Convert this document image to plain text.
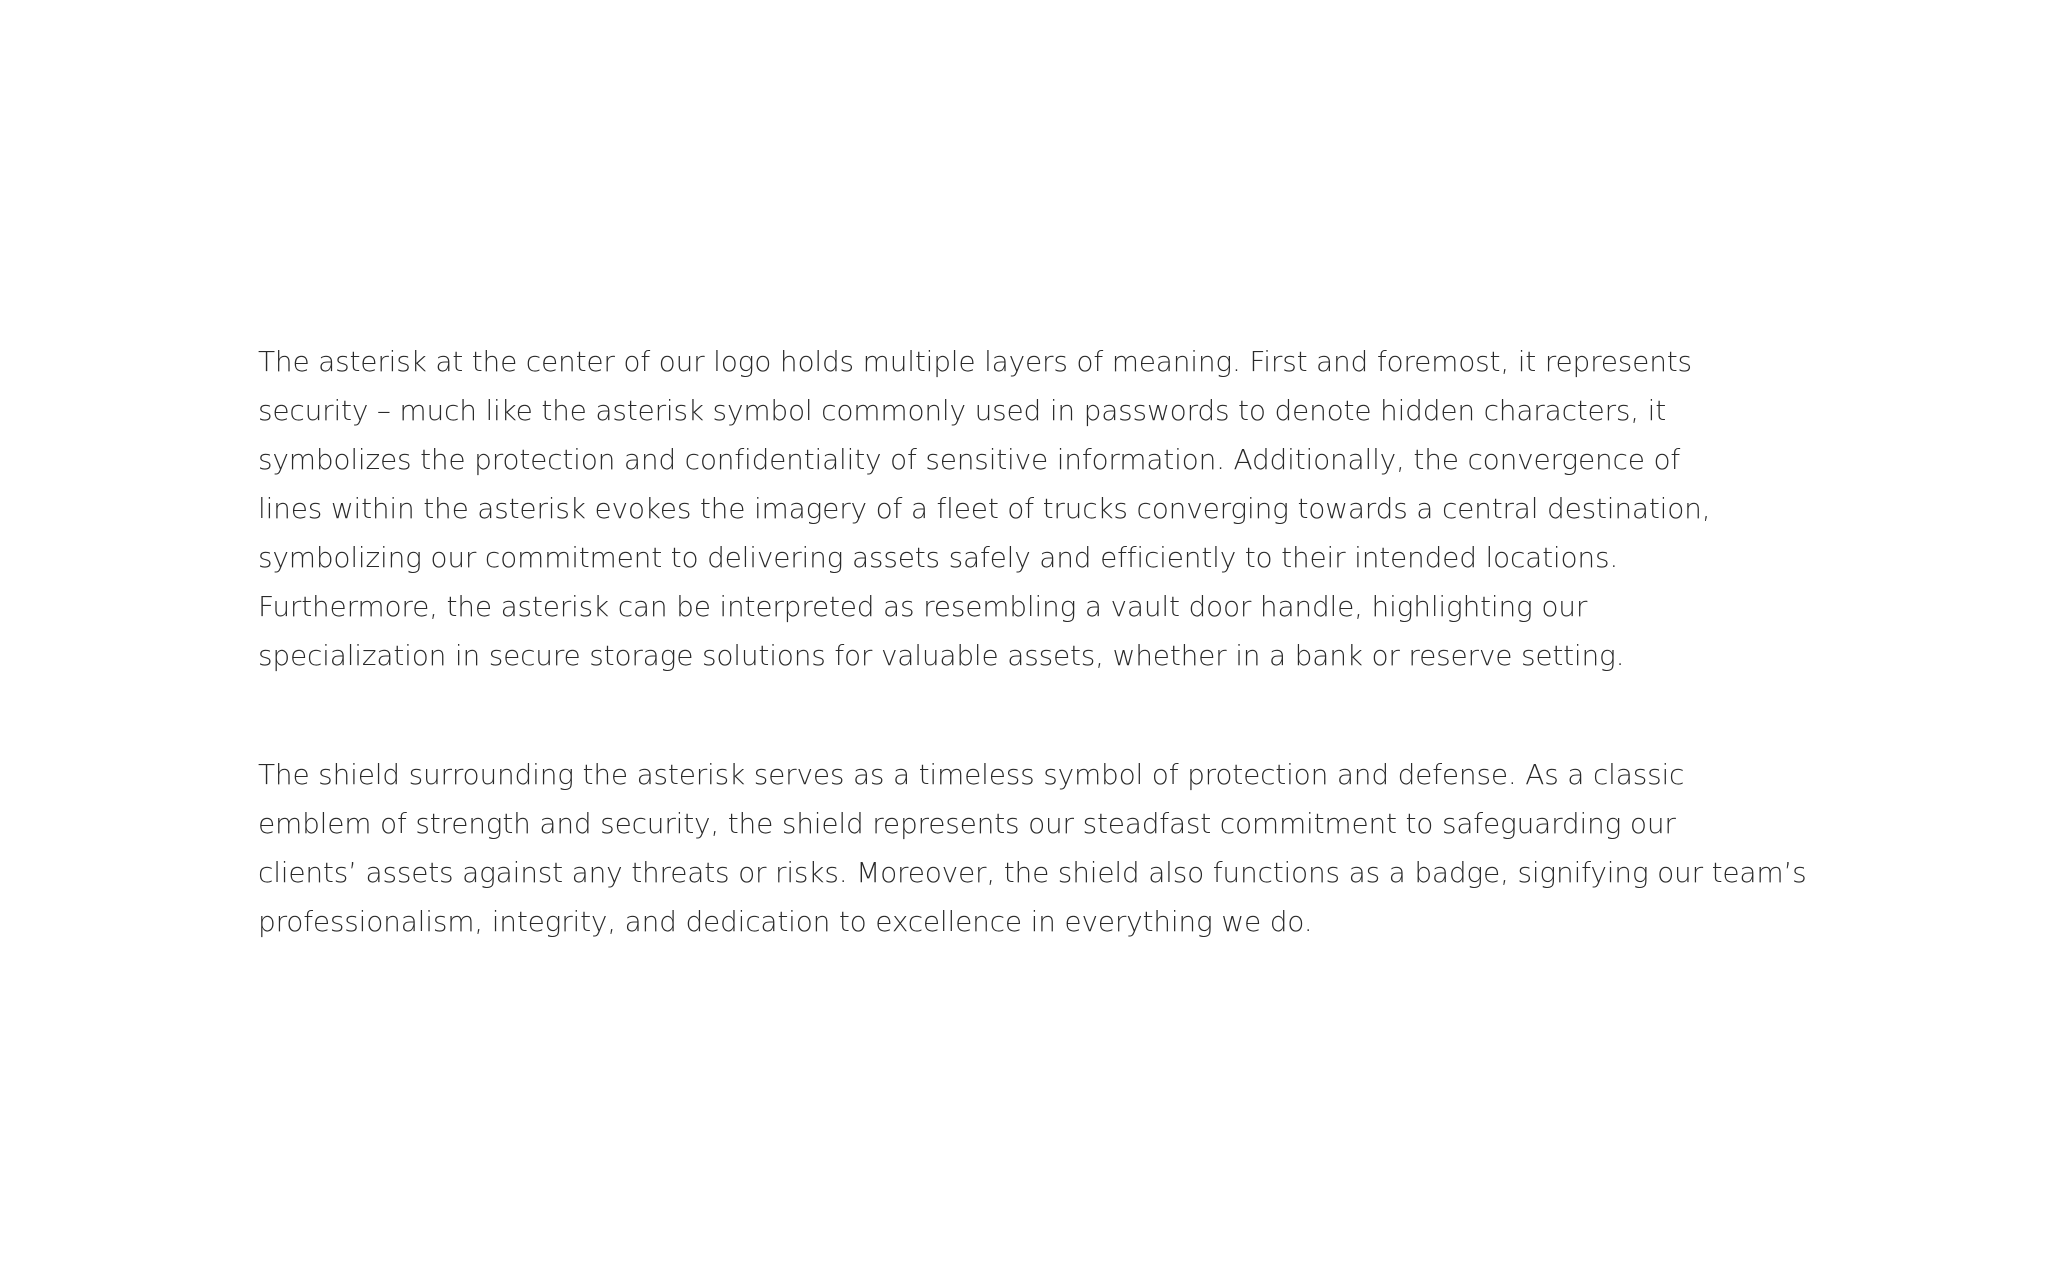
The asterisk at the center of our logo holds multiple layers of meaning. First and foremost, it represents
security – much like the asterisk symbol commonly used in passwords to denote hidden characters, it
symbolizes the protection and confidentiality of sensitive information. Additionally, the convergence of
lines within the asterisk evokes the imagery of a fleet of trucks converging towards a central destination,
symbolizing our commitment to delivering assets safely and efficiently to their intended locations.
Furthermore, the asterisk can be interpreted as resembling a vault door handle, highlighting our
specialization in secure storage solutions for valuable assets, whether in a bank or reserve setting.

The shield surrounding the asterisk serves as a timeless symbol of protection and defense. As a classic
emblem of strength and security, the shield represents our steadfast commitment to safeguarding our
clients’ assets against any threats or risks. Moreover, the shield also functions as a badge, signifying our team’s
professionalism, integrity, and dedication to excellence in everything we do.
